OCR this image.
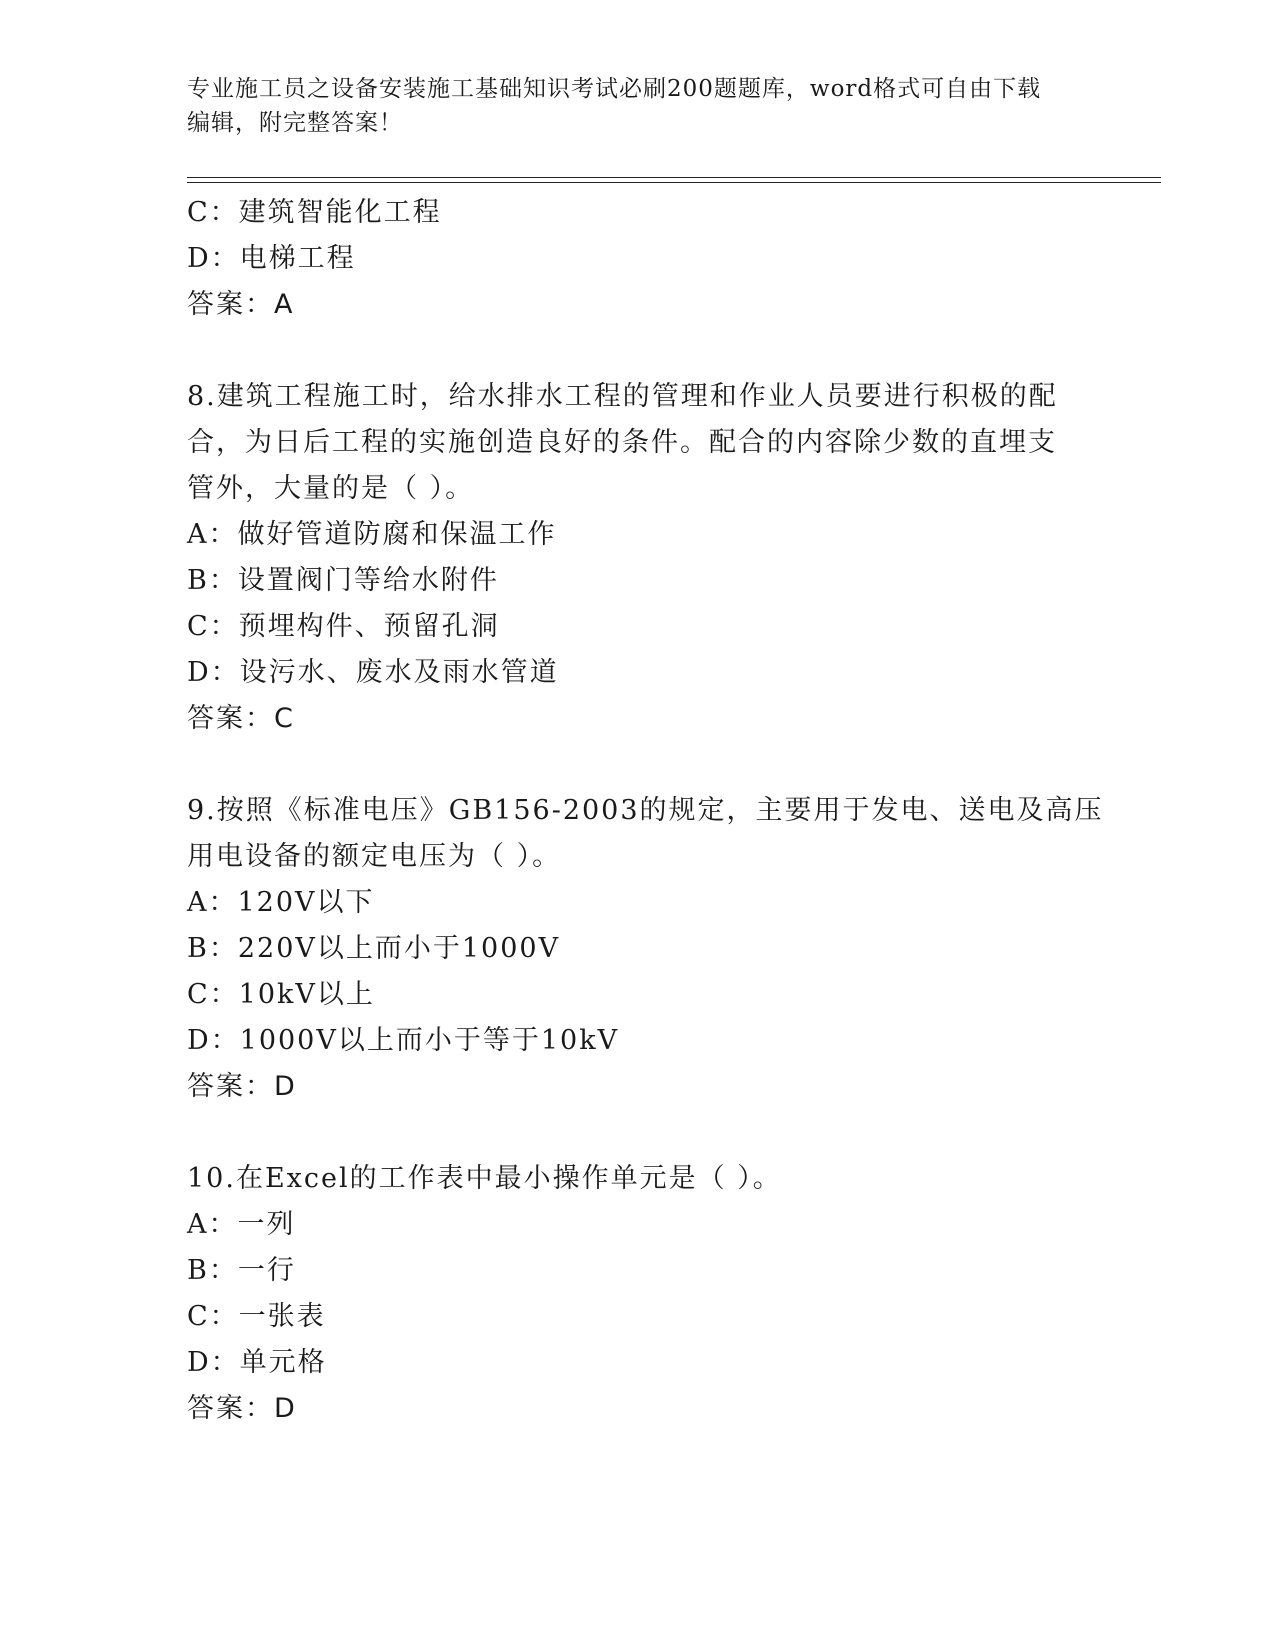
专业施工员之设备安装施工基础知识考试必刷200题题库，word格式可自由下载
编辑，附完整答案！
C：建筑智能化工程
D：电梯工程
答案：A
8.建筑工程施工时，给水排水工程的管理和作业人员要进行积极的配
合，为日后工程的实施创造良好的条件。配合的内容除少数的直埋支
管外，大量的是（ ）。
A：做好管道防腐和保温工作
B：设置阀门等给水附件
C：预埋构件、预留孔洞
D：设污水、废水及雨水管道
答案：C
9.按照《标准电压》GB156-2003的规定，主要用于发电、送电及高压
用电设备的额定电压为（ ）。
A：120V以下
B：220V以上而小于1000V
C：10kV以上
D：1000V以上而小于等于10kV
答案：D
10.在Excel的工作表中最小操作单元是（ ）。
A：一列
B：一行
C：一张表
D：单元格
答案：D
